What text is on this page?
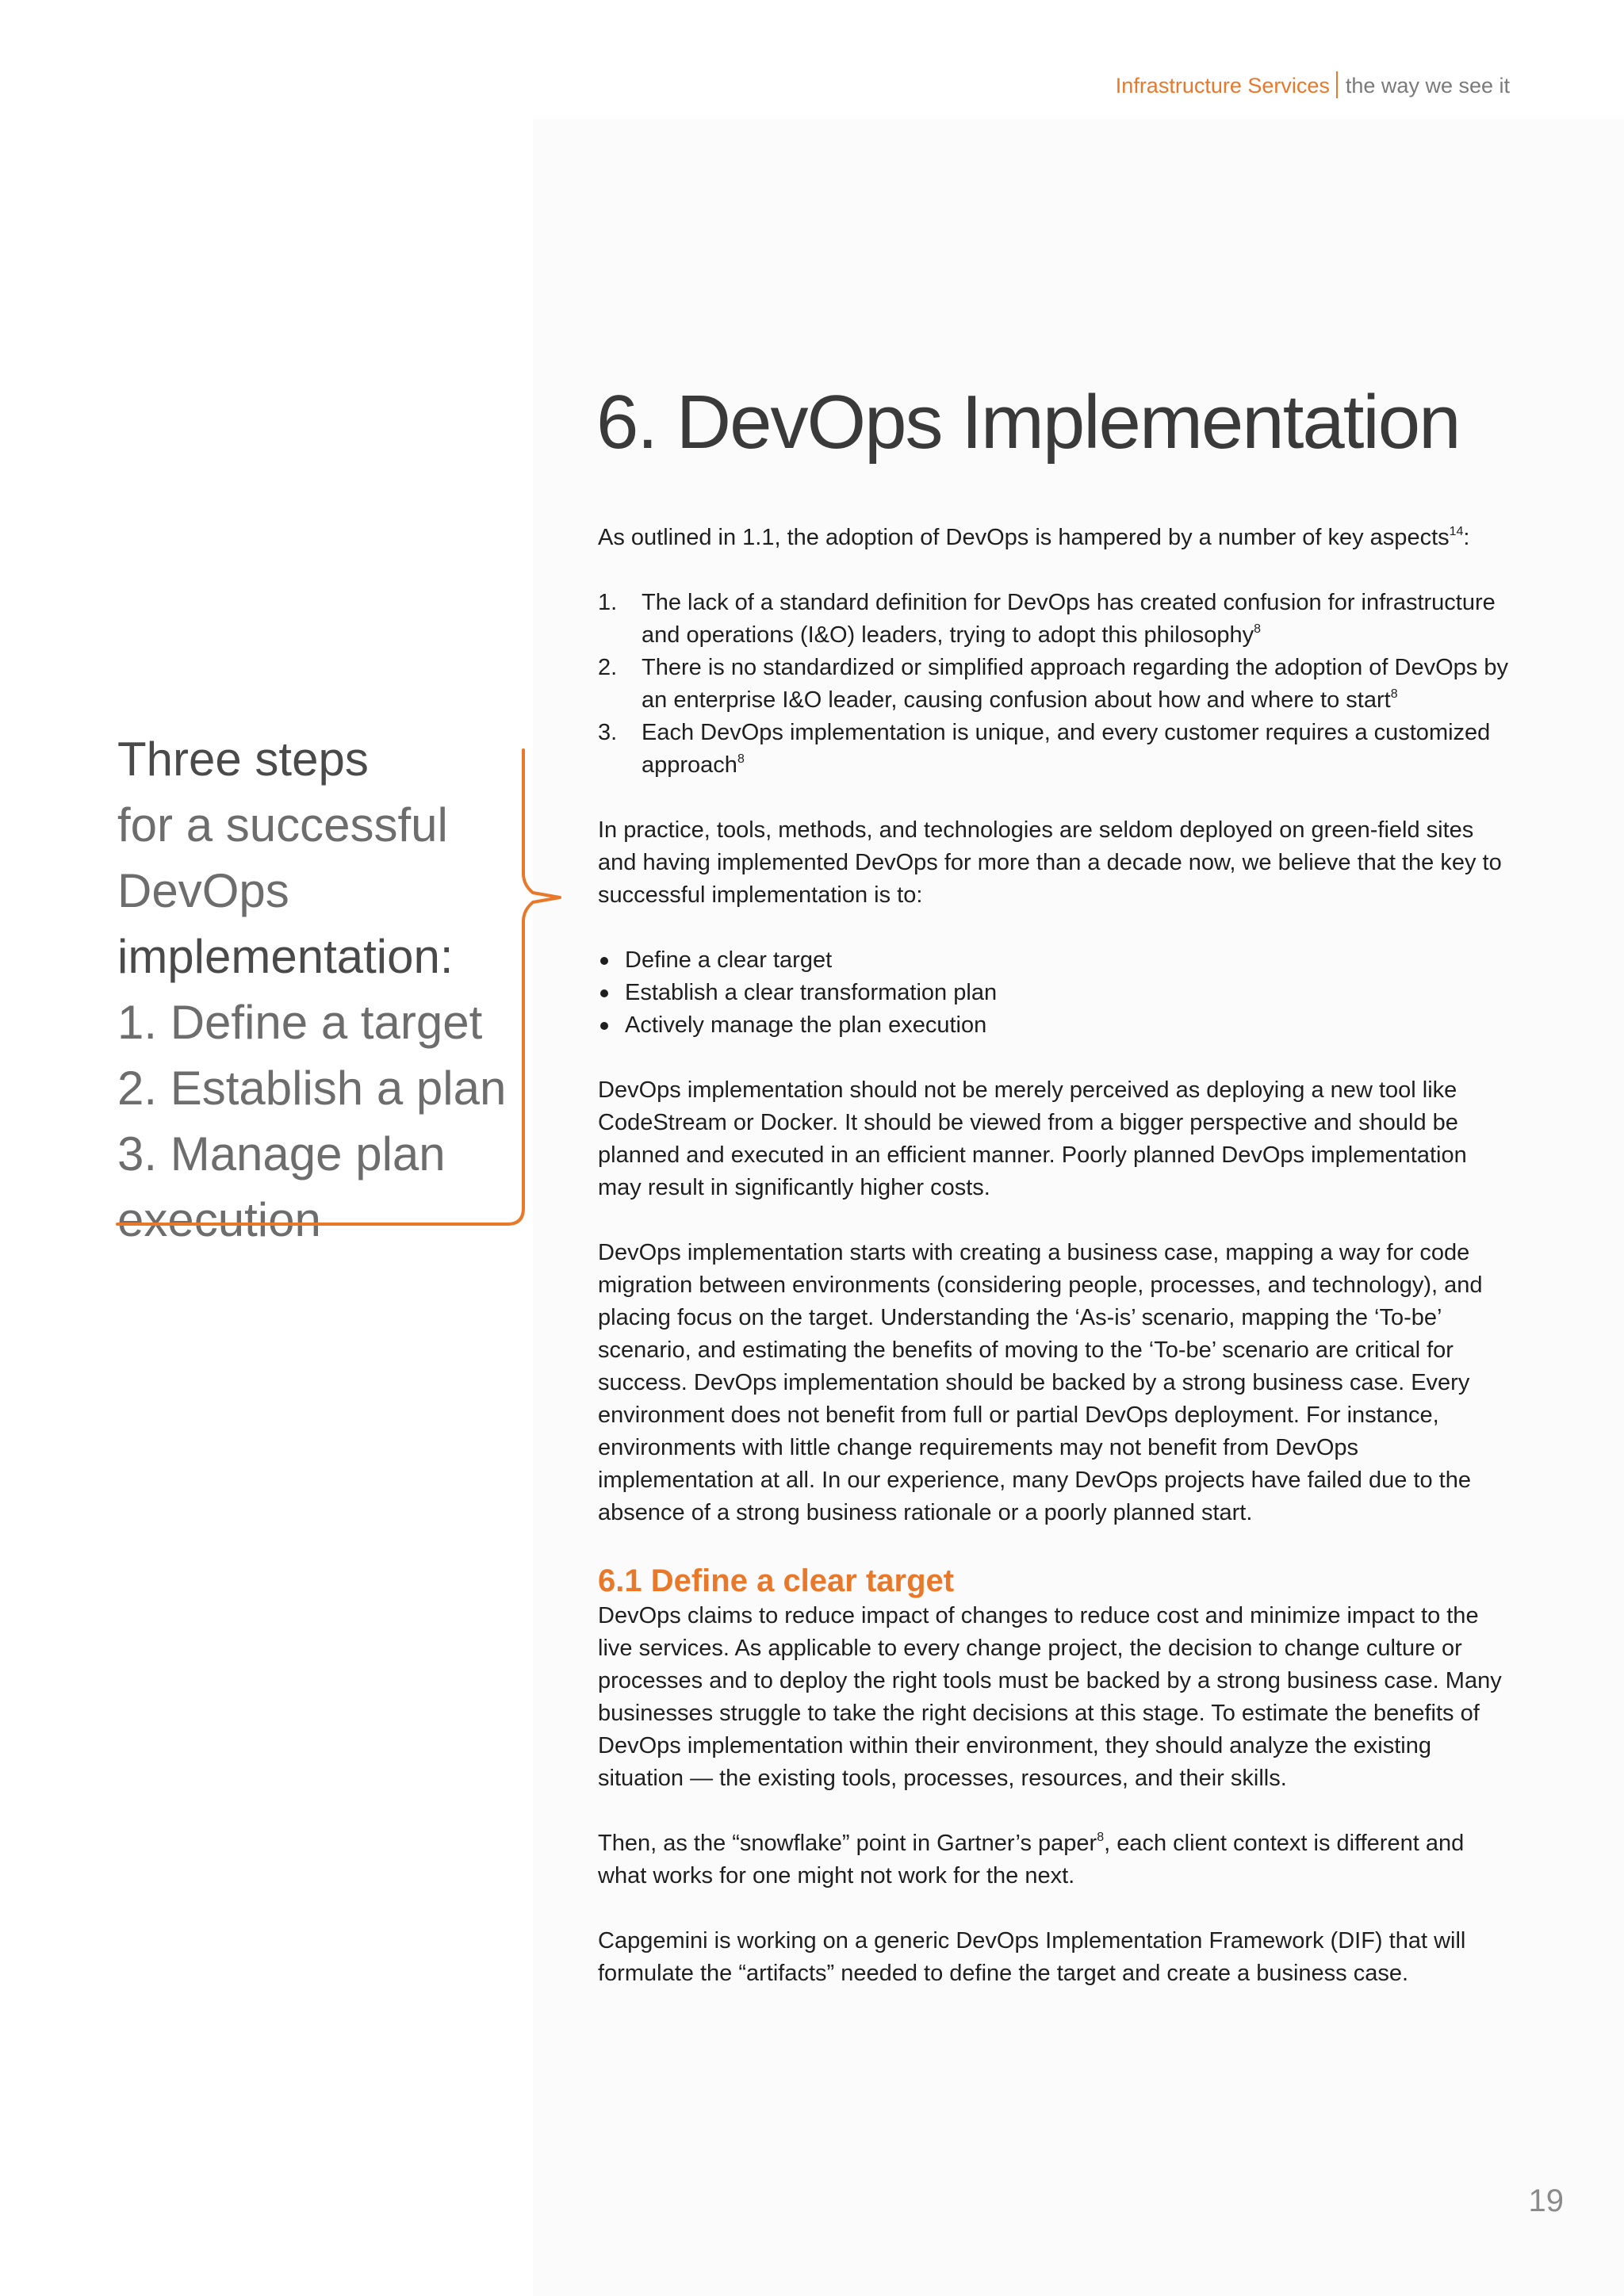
Infrastructure Services the way we see it
6. DevOps Implementation
Three steps
for a successful
DevOps
implementation:
1. Define a target
2. Establish a plan
3. Manage plan
execution

As outlined in 1.1, the adoption of DevOps is hampered by a number of key aspects$^{14}$:

1. The lack of a standard definition for DevOps has created confusion for infrastructure and operations (I&O) leaders, trying to adopt this philosophy$^8$
2. There is no standardized or simplified approach regarding the adoption of DevOps by an enterprise I&O leader, causing confusion about how and where to start$^8$
3. Each DevOps implementation is unique, and every customer requires a customized approach$^8$

In practice, tools, methods, and technologies are seldom deployed on green-field sites and having implemented DevOps for more than a decade now, we believe that the key to successful implementation is to:

Define a clear target
Establish a clear transformation plan
Actively manage the plan execution

DevOps implementation should not be merely perceived as deploying a new tool like CodeStream or Docker. It should be viewed from a bigger perspective and should be planned and executed in an efficient manner. Poorly planned DevOps implementation may result in significantly higher costs.

DevOps implementation starts with creating a business case, mapping a way for code migration between environments (considering people, processes, and technology), and placing focus on the target. Understanding the ‘As-is’ scenario, mapping the ‘To-be’ scenario, and estimating the benefits of moving to the ‘To-be’ scenario are critical for success. DevOps implementation should be backed by a strong business case. Every environment does not benefit from full or partial DevOps deployment. For instance, environments with little change requirements may not benefit from DevOps implementation at all. In our experience, many DevOps projects have failed due to the absence of a strong business rationale or a poorly planned start.

6.1 Define a clear target

DevOps claims to reduce impact of changes to reduce cost and minimize impact to the live services. As applicable to every change project, the decision to change culture or processes and to deploy the right tools must be backed by a strong business case. Many businesses struggle to take the right decisions at this stage. To estimate the benefits of DevOps implementation within their environment, they should analyze the existing situation — the existing tools, processes, resources, and their skills.

Then, as the “snowflake” point in Gartner’s paper$^8$, each client context is different and what works for one might not work for the next.

Capgemini is working on a generic DevOps Implementation Framework (DIF) that will formulate the “artifacts” needed to define the target and create a business case.

19
